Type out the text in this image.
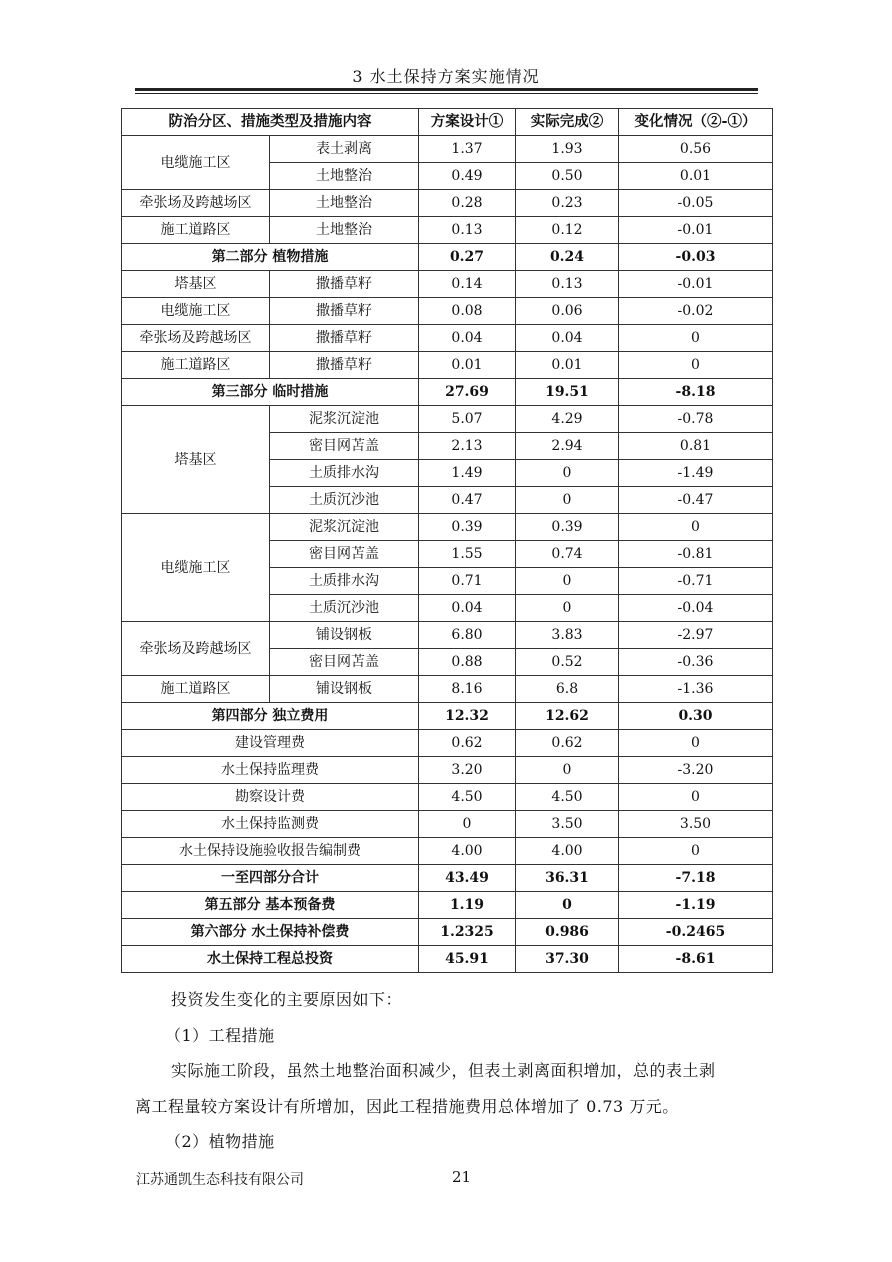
3 水土保持方案实施情况
防治分区、措施类型及措施内容		方案设计①	实际完成②	变化情况（②-①）
电缆施工区	表土剥离	1.37	1.93	0.56
	土地整治	0.49	0.50	0.01
牵张场及跨越场区	土地整治	0.28	0.23	-0.05
施工道路区	土地整治	0.13	0.12	-0.01
第二部分 植物措施		0.27	0.24	-0.03
塔基区	撒播草籽	0.14	0.13	-0.01
电缆施工区	撒播草籽	0.08	0.06	-0.02
牵张场及跨越场区	撒播草籽	0.04	0.04	0
施工道路区	撒播草籽	0.01	0.01	0
第三部分 临时措施		27.69	19.51	-8.18
塔基区	泥浆沉淀池	5.07	4.29	-0.78
	密目网苫盖	2.13	2.94	0.81
	土质排水沟	1.49	0	-1.49
	土质沉沙池	0.47	0	-0.47
电缆施工区	泥浆沉淀池	0.39	0.39	0
	密目网苫盖	1.55	0.74	-0.81
	土质排水沟	0.71	0	-0.71
	土质沉沙池	0.04	0	-0.04
牵张场及跨越场区	铺设钢板	6.80	3.83	-2.97
	密目网苫盖	0.88	0.52	-0.36
施工道路区	铺设钢板	8.16	6.8	-1.36
第四部分 独立费用		12.32	12.62	0.30
建设管理费		0.62	0.62	0
水土保持监理费		3.20	0	-3.20
勘察设计费		4.50	4.50	0
水土保持监测费		0	3.50	3.50
水土保持设施验收报告编制费		4.00	4.00	0
一至四部分合计		43.49	36.31	-7.18
第五部分 基本预备费		1.19	0	-1.19
第六部分 水土保持补偿费		1.2325	0.986	-0.2465
水土保持工程总投资		45.91	37.30	-8.61
投资发生变化的主要原因如下：
（1）工程措施
实际施工阶段，虽然土地整治面积减少，但表土剥离面积增加，总的表土剥
离工程量较方案设计有所增加，因此工程措施费用总体增加了 0.73 万元。
（2）植物措施
江苏通凯生态科技有限公司	21
